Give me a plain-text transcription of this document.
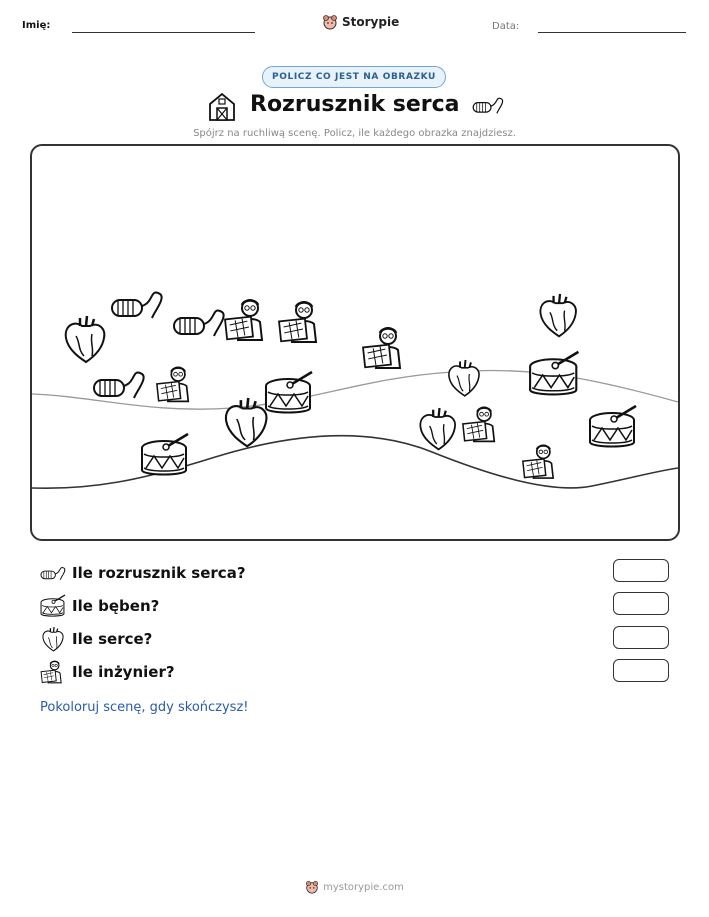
Imię:	Storypie	Data:
POLICZ CO JEST NA OBRAZKU
Rozrusznik serca
Spójrz na ruchliwą scenę. Policz, ile każdego obrazka znajdziesz.
Ile rozrusznik serca?
Ile bęben?
Ile serce?
Ile inżynier?
Pokoloruj scenę, gdy skończysz!
mystorypie.com
